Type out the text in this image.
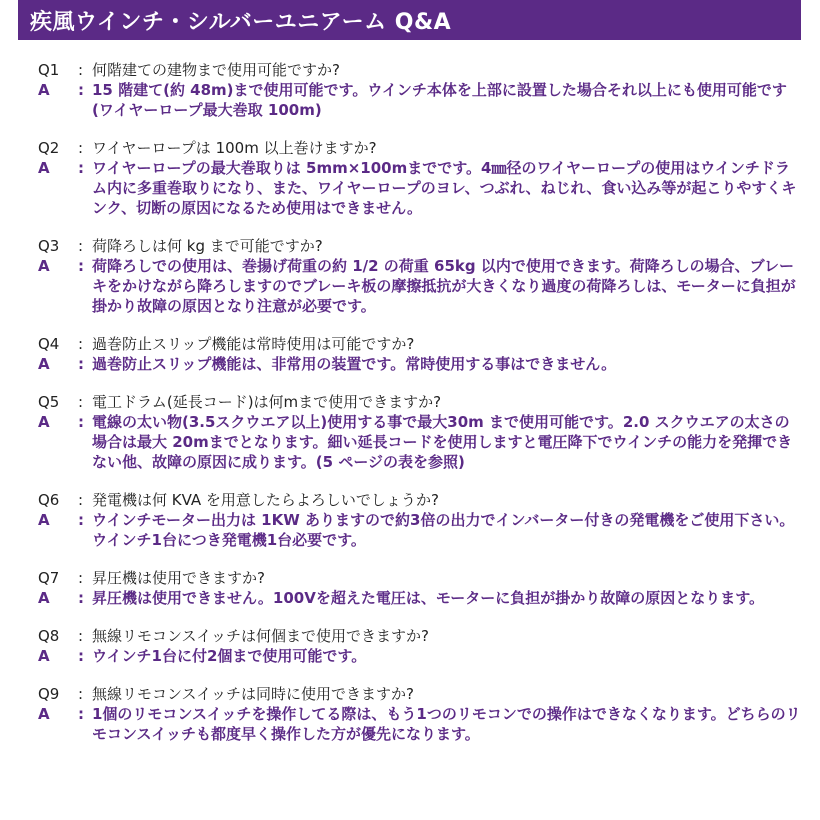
疾風ウインチ・シルバーユニアーム Q&A
Q1	: 何階建ての建物まで使用可能ですか?
A	: 15 階建て(約 48m)まで使用可能です。ウインチ本体を上部に設置した場合それ以上にも使用可能です(ワイヤーロープ最大巻取 100m)
Q2	: ワイヤーロープは 100m 以上巻けますか?
A	: ワイヤーロープの最大巻取りは 5mm×100mまでです。4㎜径のワイヤーロープの使用はウインチドラム内に多重巻取りになり、また、ワイヤーロープのヨレ、つぶれ、ねじれ、食い込み等が起こりやすくキンク、切断の原因になるため使用はできません。
Q3	: 荷降ろしは何 kg まで可能ですか?
A	: 荷降ろしでの使用は、巻揚げ荷重の約 1/2 の荷重 65kg 以内で使用できます。荷降ろしの場合、ブレー キをかけながら降ろしますのでブレーキ板の摩擦抵抗が大きくなり過度の荷降ろしは、モーターに負担が掛かり故障の原因となり注意が必要です。
Q4	: 過巻防止スリップ機能は常時使用は可能ですか?
A	: 過巻防止スリップ機能は、非常用の装置です。常時使用する事はできません。
Q5	: 電工ドラム(延長コード)は何mまで使用できますか?
A	: 電線の太い物(3.5スクウエア以上)使用する事で最大30m まで使用可能です。2.0 スクウエアの太さの場合は最大 20mまでとなります。細い延長コードを使用しますと電圧降下でウインチの能力を発揮できない他、故障の原因に成ります。(5 ページの表を参照)
Q6	: 発電機は何 KVA を用意したらよろしいでしょうか?
A	: ウインチモーター出力は 1KW ありますので約3倍の出力でインバーター付きの発電機をご使用下さい。ウインチ1台につき発電機1台必要です。
Q7	: 昇圧機は使用できますか?
A	: 昇圧機は使用できません。100Vを超えた電圧は、モーターに負担が掛かり故障の原因となります。
Q8	: 無線リモコンスイッチは何個まで使用できますか?
A	: ウインチ1台に付2個まで使用可能です。
Q9	: 無線リモコンスイッチは同時に使用できますか?
A	: 1個のリモコンスイッチを操作してる際は、もう1つのリモコンでの操作はできなくなります。どちらのリモコンスイッチも都度早く操作した方が優先になります。
